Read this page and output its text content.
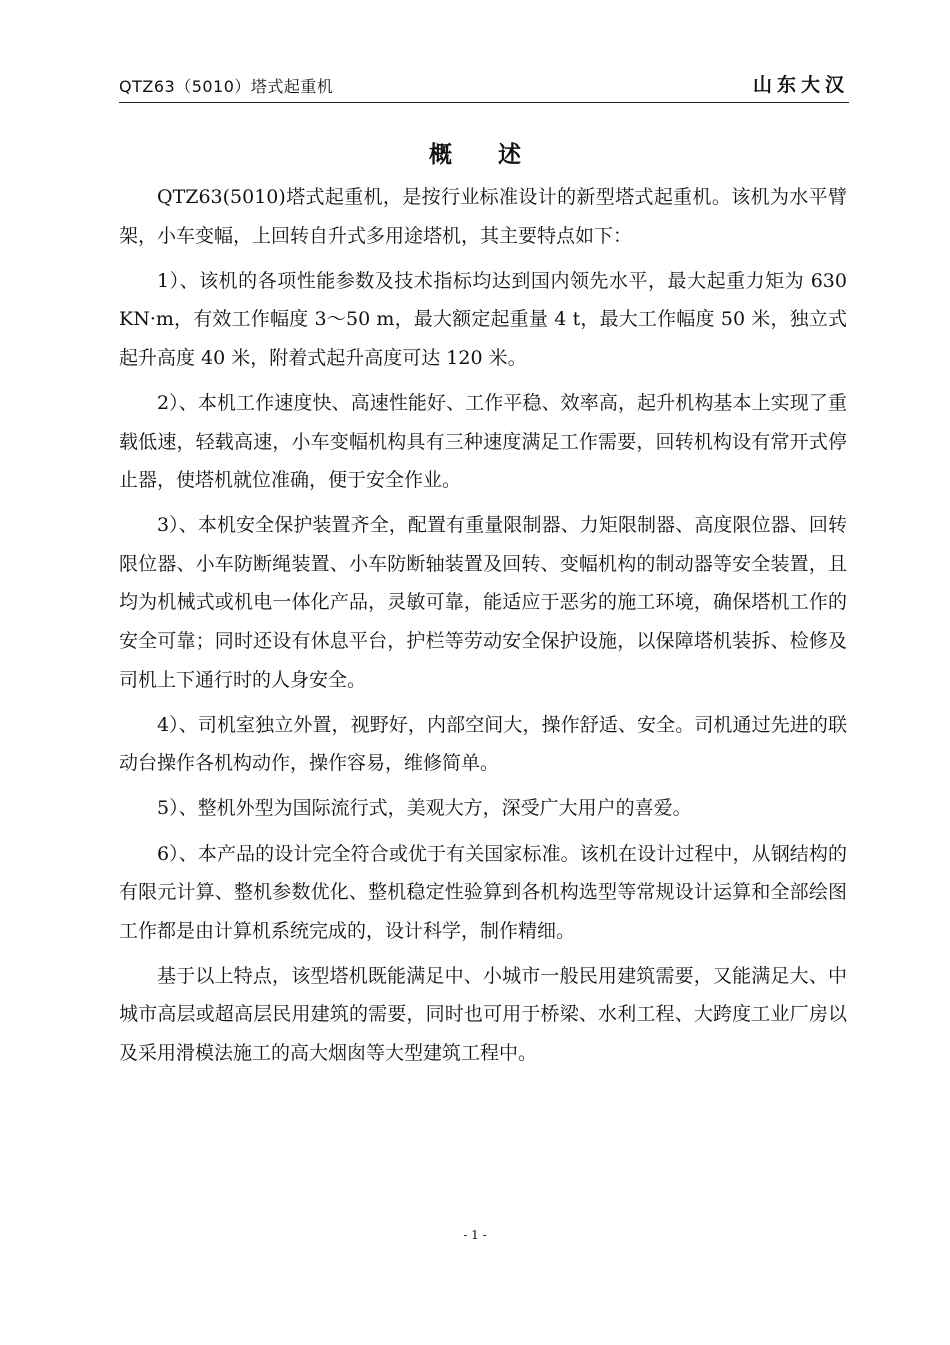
QTZ63（5010）塔式起重机	山东大汉
概 述

QTZ63(5010)塔式起重机，是按行业标准设计的新型塔式起重机。该机为水平臂架，小车变幅，上回转自升式多用途塔机，其主要特点如下：

1）、该机的各项性能参数及技术指标均达到国内领先水平，最大起重力矩为 630 KN·m，有效工作幅度 3～50 m，最大额定起重量 4 t，最大工作幅度 50 米，独立式起升高度 40 米，附着式起升高度可达 120 米。

2）、本机工作速度快、高速性能好、工作平稳、效率高，起升机构基本上实现了重载低速，轻载高速，小车变幅机构具有三种速度满足工作需要，回转机构设有常开式停止器，使塔机就位准确，便于安全作业。

3）、本机安全保护装置齐全，配置有重量限制器、力矩限制器、高度限位器、回转限位器、小车防断绳装置、小车防断轴装置及回转、变幅机构的制动器等安全装置，且均为机械式或机电一体化产品，灵敏可靠，能适应于恶劣的施工环境，确保塔机工作的安全可靠；同时还设有休息平台，护栏等劳动安全保护设施，以保障塔机装拆、检修及司机上下通行时的人身安全。

4）、司机室独立外置，视野好，内部空间大，操作舒适、安全。司机通过先进的联动台操作各机构动作，操作容易，维修简单。

5）、整机外型为国际流行式，美观大方，深受广大用户的喜爱。

6）、本产品的设计完全符合或优于有关国家标准。该机在设计过程中，从钢结构的有限元计算、整机参数优化、整机稳定性验算到各机构选型等常规设计运算和全部绘图工作都是由计算机系统完成的，设计科学，制作精细。

基于以上特点，该型塔机既能满足中、小城市一般民用建筑需要，又能满足大、中城市高层或超高层民用建筑的需要，同时也可用于桥梁、水利工程、大跨度工业厂房以及采用滑模法施工的高大烟囱等大型建筑工程中。

- 1 -
